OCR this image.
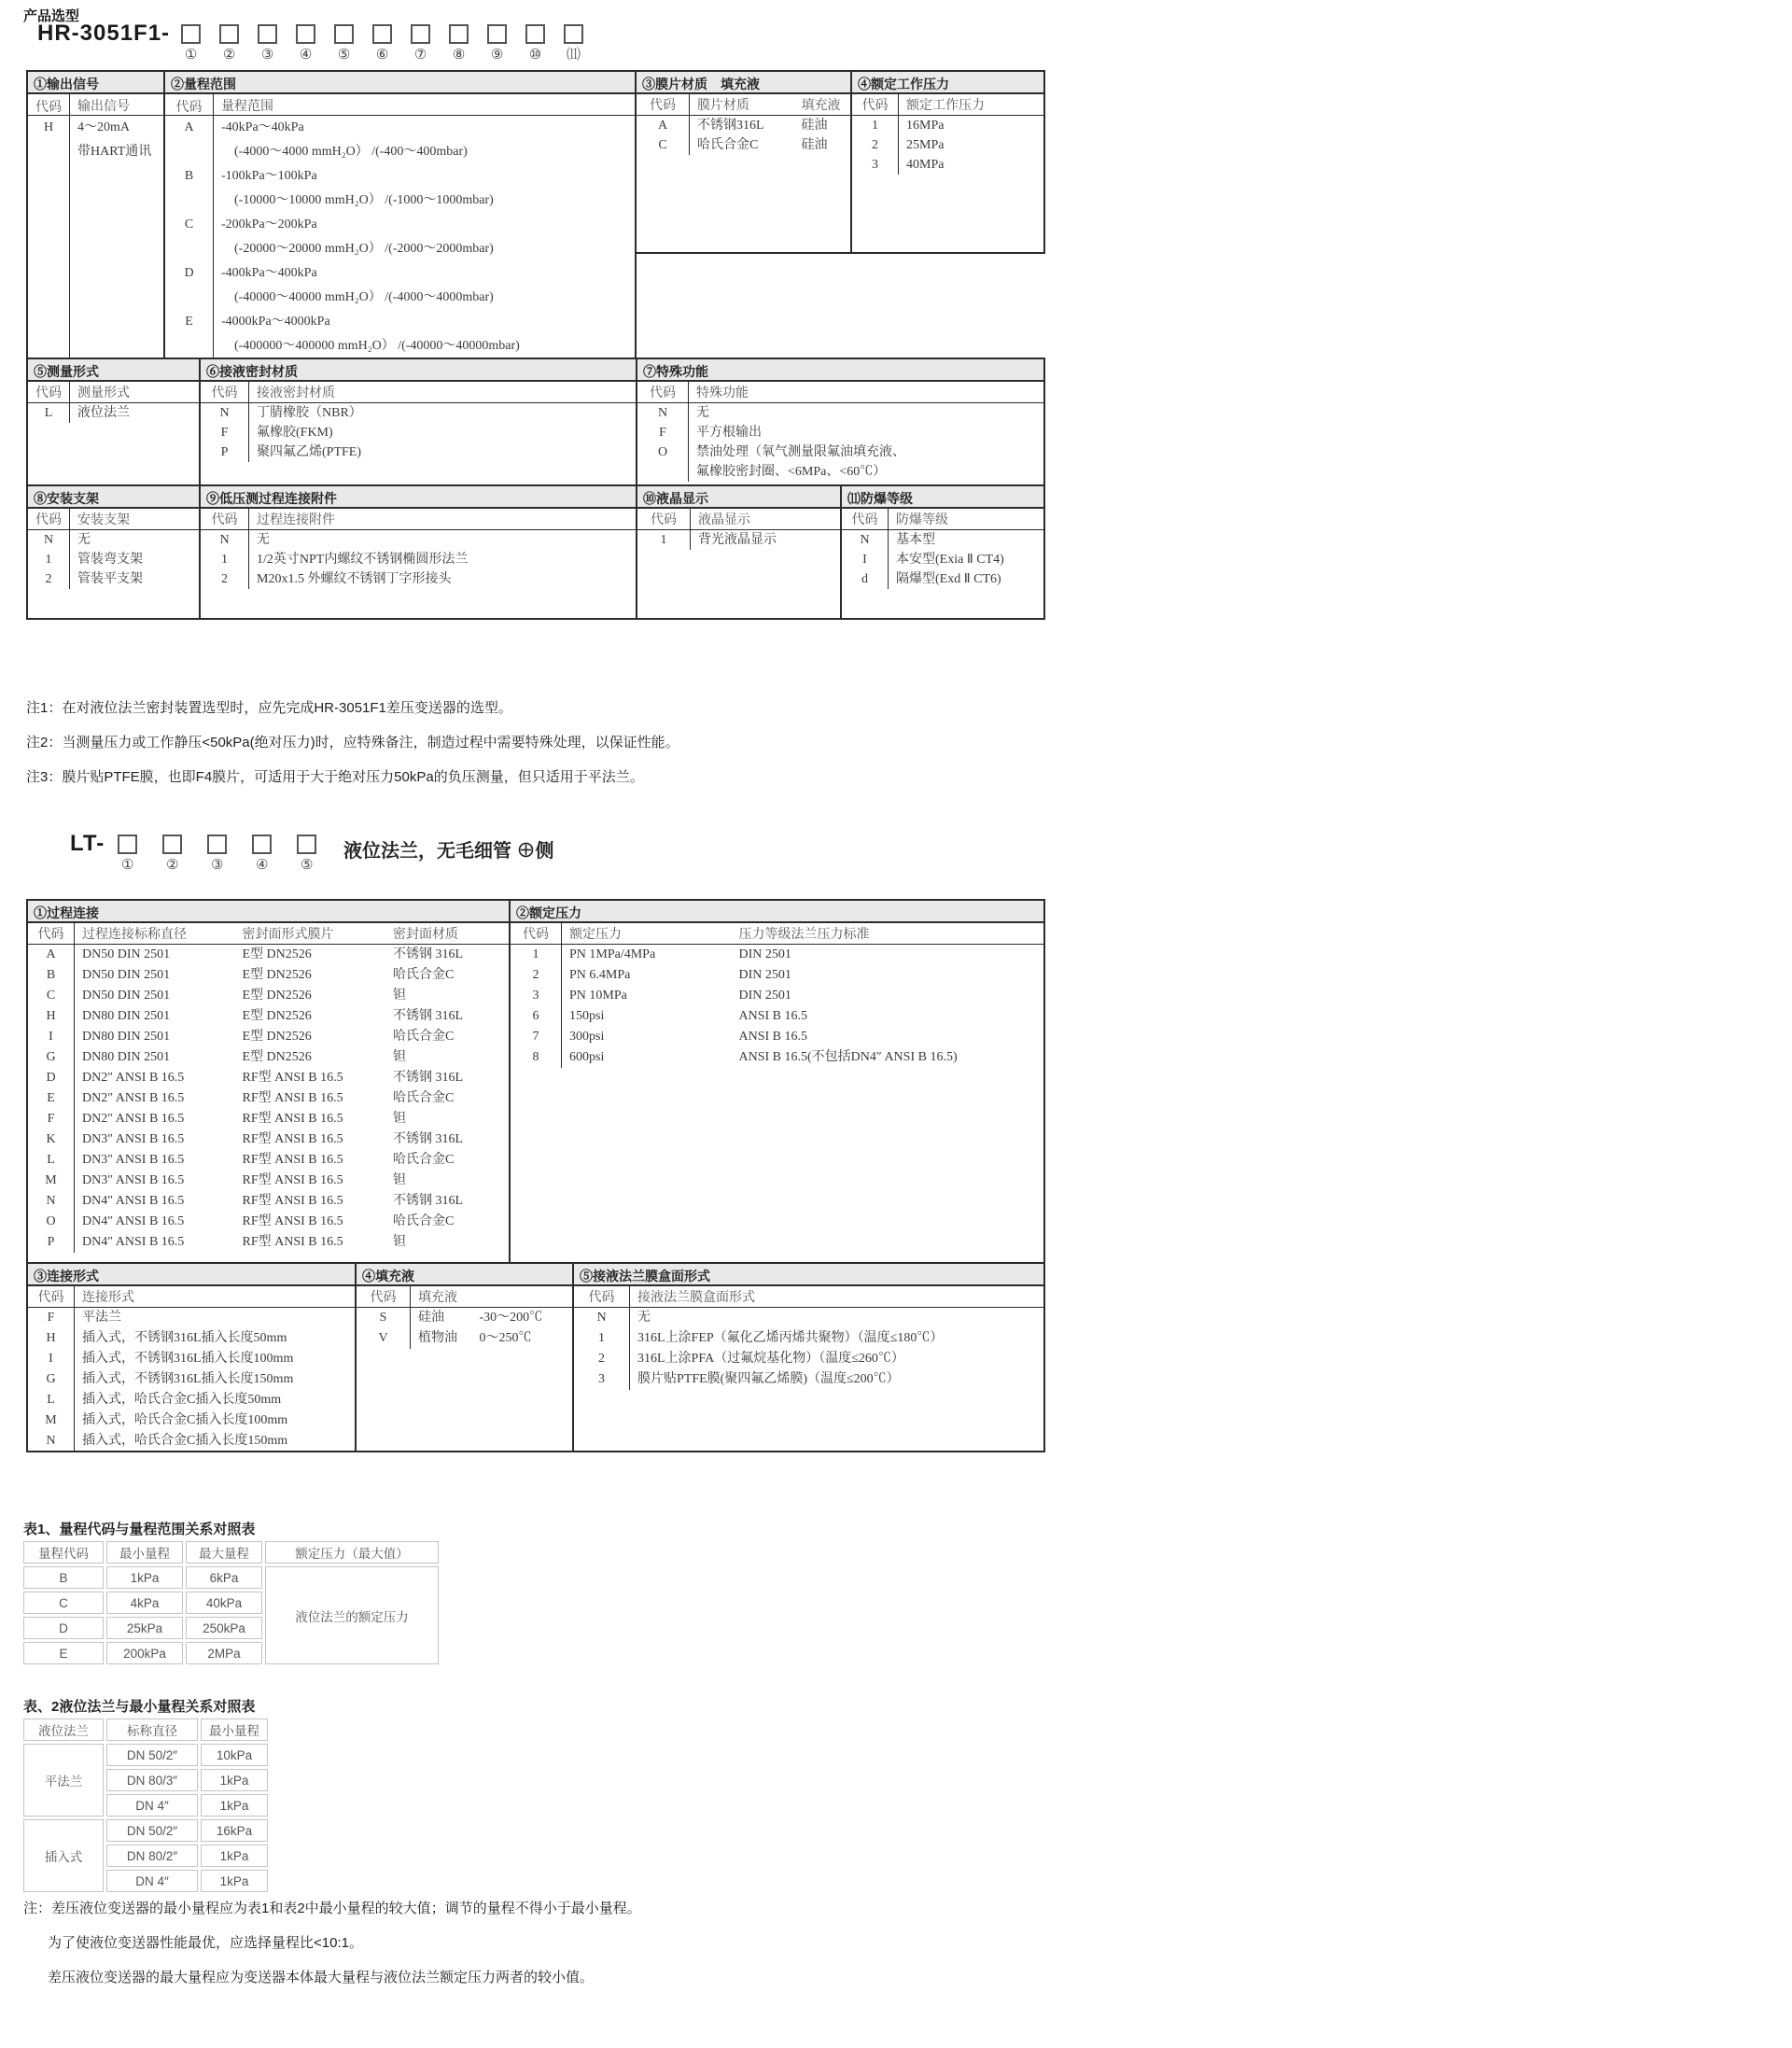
产品选型
HR-3051F1-
① ② ③ ④ ⑤ ⑥ ⑦ ⑧ ⑨ ⑩ ⑾
①输出信号
代码	输出信号
H	4～20mA
带HART通讯
②量程范围
代码	量程范围
A	-40kPa～40kPa
(-4000～4000 mmH₂O） /(-400～400mbar)
B	-100kPa～100kPa
(-10000～10000 mmH₂O） /(-1000～1000mbar)
C	-200kPa～200kPa
(-20000～20000 mmH₂O） /(-2000～2000mbar)
D	-400kPa～400kPa
(-40000～40000 mmH₂O） /(-4000～4000mbar)
E	-4000kPa～4000kPa
(-400000～400000 mmH₂O） /(-40000～40000mbar)
③膜片材质　填充液
代码	膜片材质	填充液
A	不锈钢316L	硅油
C	哈氏合金C	硅油
④额定工作压力
代码	额定工作压力
1	16MPa
2	25MPa
3	40MPa
⑤测量形式
代码	测量形式
L	液位法兰
⑥接液密封材质
代码	接液密封材质
N	丁腈橡胶（NBR）
F	氟橡胶(FKM)
P	聚四氟乙烯(PTFE)
⑦特殊功能
代码	特殊功能
N	无
F	平方根输出
O	禁油处理（氧气测量限氟油填充液、
氟橡胶密封圈、<6MPa、<60℃）
⑧安装支架
代码	安装支架
N	无
1	管装弯支架
2	管装平支架
⑨低压测过程连接附件
代码	过程连接附件
N	无
1	1/2英寸NPT内螺纹不锈钢椭圆形法兰
2	M20x1.5 外螺纹不锈钢丁字形接头
⑩液晶显示
代码	液晶显示
1	背光液晶显示
⑾防爆等级
代码	防爆等级
N	基本型
I	本安型(Exia Ⅱ CT4)
d	隔爆型(Exd Ⅱ CT6)
注1：在对液位法兰密封装置选型时，应先完成HR-3051F1差压变送器的选型。
注2：当测量压力或工作静压<50kPa(绝对压力)时，应特殊备注，制造过程中需要特殊处理，以保证性能。
注3：膜片贴PTFE膜，也即F4膜片，可适用于大于绝对压力50kPa的负压测量，但只适用于平法兰。
LT-
① ② ③ ④ ⑤
液位法兰，无毛细管 ⊕侧
①过程连接
代码	过程连接标称直径	密封面形式膜片	密封面材质
A	DN50 DIN 2501	E型 DN2526	不锈钢 316L
B	DN50 DIN 2501	E型 DN2526	哈氏合金C
C	DN50 DIN 2501	E型 DN2526	钽
H	DN80 DIN 2501	E型 DN2526	不锈钢 316L
I	DN80 DIN 2501	E型 DN2526	哈氏合金C
G	DN80 DIN 2501	E型 DN2526	钽
D	DN2″ ANSI B 16.5	RF型 ANSI B 16.5	不锈钢 316L
E	DN2″ ANSI B 16.5	RF型 ANSI B 16.5	哈氏合金C
F	DN2″ ANSI B 16.5	RF型 ANSI B 16.5	钽
K	DN3″ ANSI B 16.5	RF型 ANSI B 16.5	不锈钢 316L
L	DN3″ ANSI B 16.5	RF型 ANSI B 16.5	哈氏合金C
M	DN3″ ANSI B 16.5	RF型 ANSI B 16.5	钽
N	DN4″ ANSI B 16.5	RF型 ANSI B 16.5	不锈钢 316L
O	DN4″ ANSI B 16.5	RF型 ANSI B 16.5	哈氏合金C
P	DN4″ ANSI B 16.5	RF型 ANSI B 16.5	钽
②额定压力
代码	额定压力	压力等级法兰压力标准
1	PN 1MPa/4MPa	DIN 2501
2	PN 6.4MPa	DIN 2501
3	PN 10MPa	DIN 2501
6	150psi	ANSI B 16.5
7	300psi	ANSI B 16.5
8	600psi	ANSI B 16.5(不包括DN4″ ANSI B 16.5)
③连接形式
代码	连接形式
F	平法兰
H	插入式，不锈钢316L插入长度50mm
I	插入式，不锈钢316L插入长度100mm
G	插入式，不锈钢316L插入长度150mm
L	插入式，哈氏合金C插入长度50mm
M	插入式，哈氏合金C插入长度100mm
N	插入式，哈氏合金C插入长度150mm
④填充液
代码	填充液
S	硅油	-30～200℃
V	植物油 0～250℃
⑤接液法兰膜盒面形式
代码	接液法兰膜盒面形式
N	无
1	316L上涂FEP（氟化乙烯丙烯共聚物）（温度≤180℃）
2	316L上涂PFA（过氟烷基化物）（温度≤260℃）
3	膜片贴PTFE膜(聚四氟乙烯膜)（温度≤200℃）
表1、量程代码与量程范围关系对照表
量程代码	最小量程	最大量程	额定压力（最大值）
B	1kPa	6kPa	液位法兰的额定压力
C	4kPa	40kPa	
D	25kPa	250kPa	
E	200kPa	2MPa	
表、2液位法兰与最小量程关系对照表
液位法兰	标称直径	最小量程
平法兰	DN 50/2″	10kPa
	DN 80/3″	1kPa
	DN 4″	1kPa
插入式	DN 50/2″	16kPa
	DN 80/2″	1kPa
	DN 4″	1kPa
注：差压液位变送器的最小量程应为表1和表2中最小量程的较大值；调节的量程不得小于最小量程。
为了使液位变送器性能最优，应选择量程比<10:1。
差压液位变送器的最大量程应为变送器本体最大量程与液位法兰额定压力两者的较小值。
